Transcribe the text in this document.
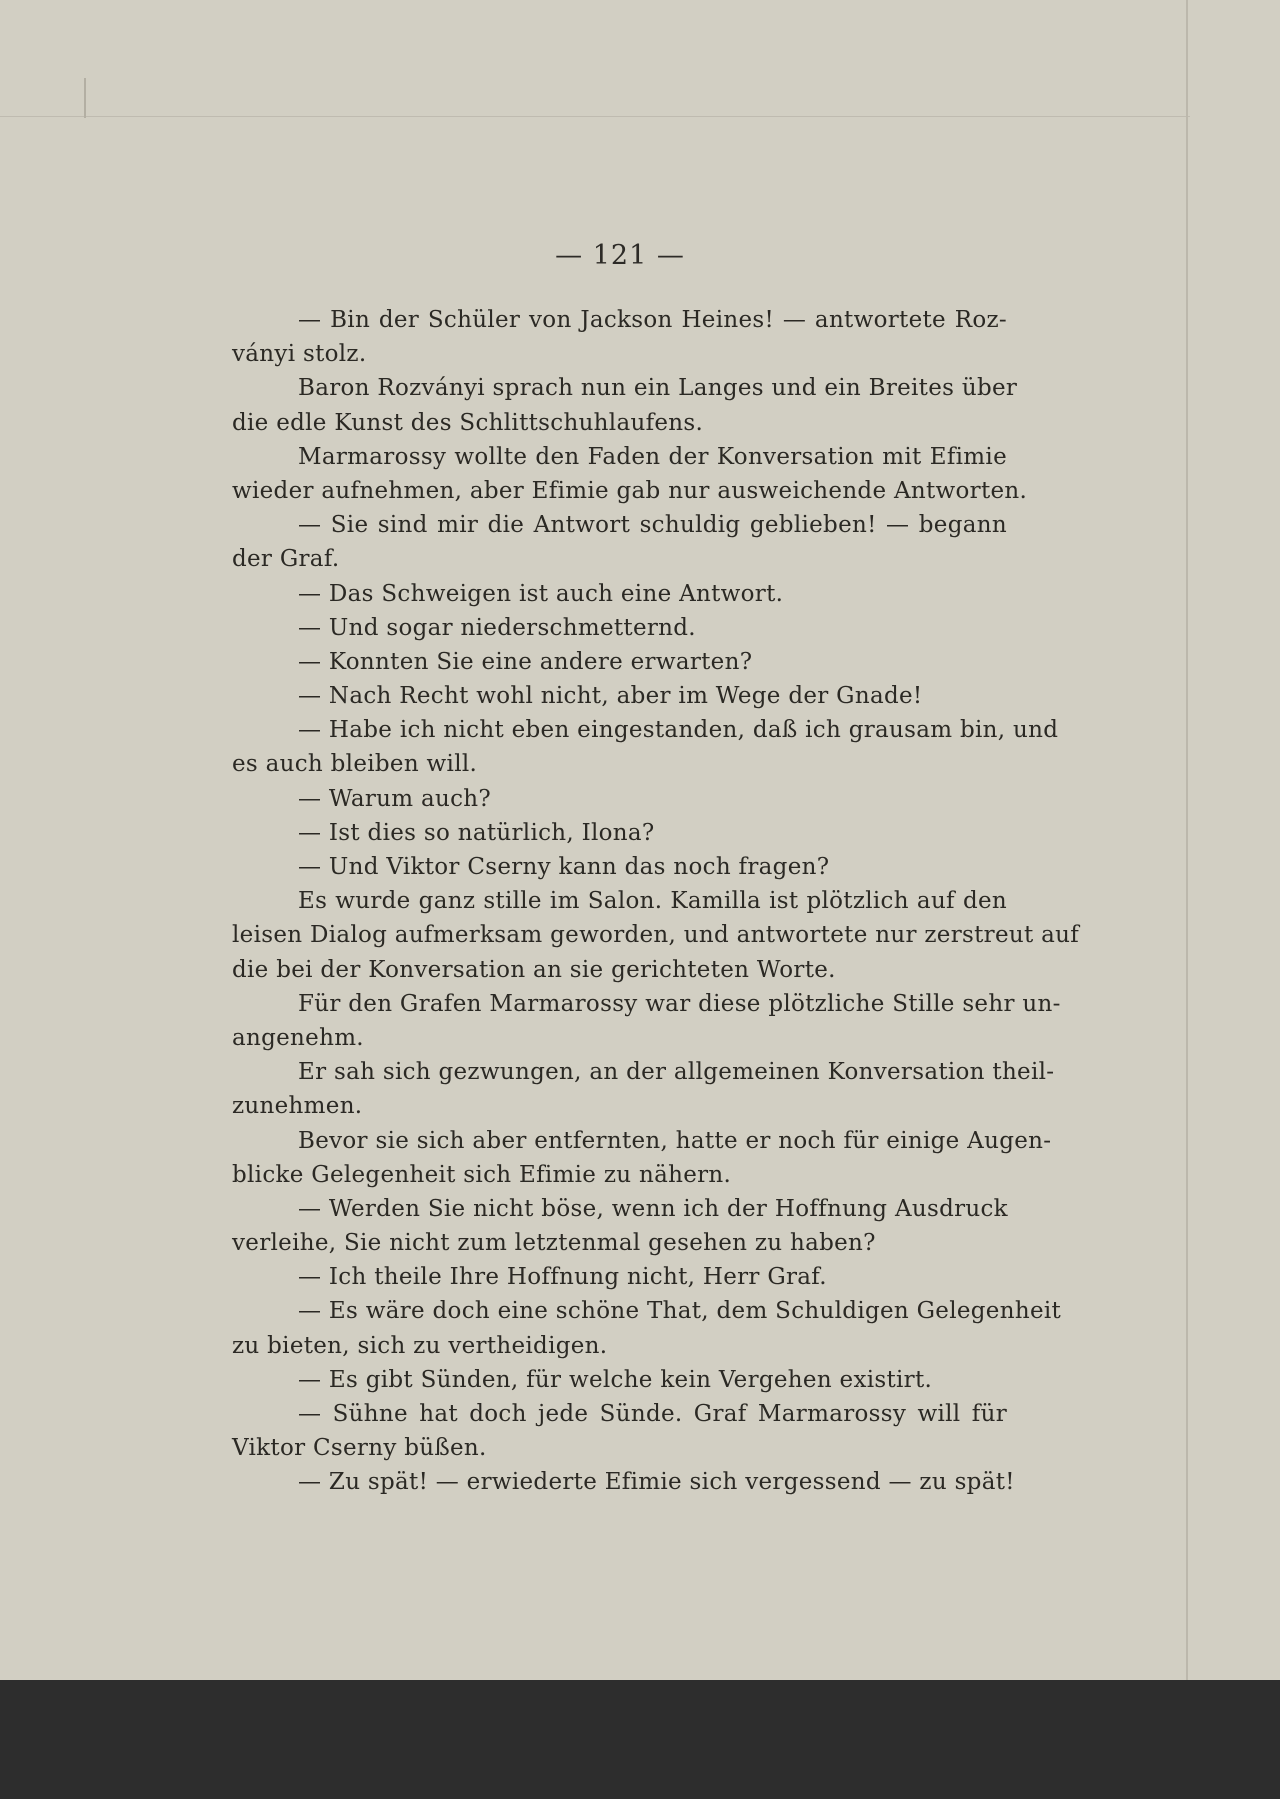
— 121 —
— Bin der Schüler von Jackson Heines! — antwortete Roz-
ványi stolz.
Baron Rozványi sprach nun ein Langes und ein Breites über
die edle Kunst des Schlittschuhlaufens.
Marmarossy wollte den Faden der Konversation mit Efimie
wieder aufnehmen, aber Efimie gab nur ausweichende Antworten.
— Sie sind mir die Antwort schuldig geblieben! — begann
der Graf.
— Das Schweigen ist auch eine Antwort.
— Und sogar niederschmetternd.
— Konnten Sie eine andere erwarten?
— Nach Recht wohl nicht, aber im Wege der Gnade!
— Habe ich nicht eben eingestanden, daß ich grausam bin, und
es auch bleiben will.
— Warum auch?
— Ist dies so natürlich, Ilona?
— Und Viktor Cserny kann das noch fragen?
Es wurde ganz stille im Salon. Kamilla ist plötzlich auf den
leisen Dialog aufmerksam geworden, und antwortete nur zerstreut auf
die bei der Konversation an sie gerichteten Worte.
Für den Grafen Marmarossy war diese plötzliche Stille sehr un-
angenehm.
Er sah sich gezwungen, an der allgemeinen Konversation theil-
zunehmen.
Bevor sie sich aber entfernten, hatte er noch für einige Augen-
blicke Gelegenheit sich Efimie zu nähern.
— Werden Sie nicht böse, wenn ich der Hoffnung Ausdruck
verleihe, Sie nicht zum letztenmal gesehen zu haben?
— Ich theile Ihre Hoffnung nicht, Herr Graf.
— Es wäre doch eine schöne That, dem Schuldigen Gelegenheit
zu bieten, sich zu vertheidigen.
— Es gibt Sünden, für welche kein Vergehen existirt.
— Sühne hat doch jede Sünde. Graf Marmarossy will für
Viktor Cserny büßen.
— Zu spät! — erwiederte Efimie sich vergessend — zu spät!
